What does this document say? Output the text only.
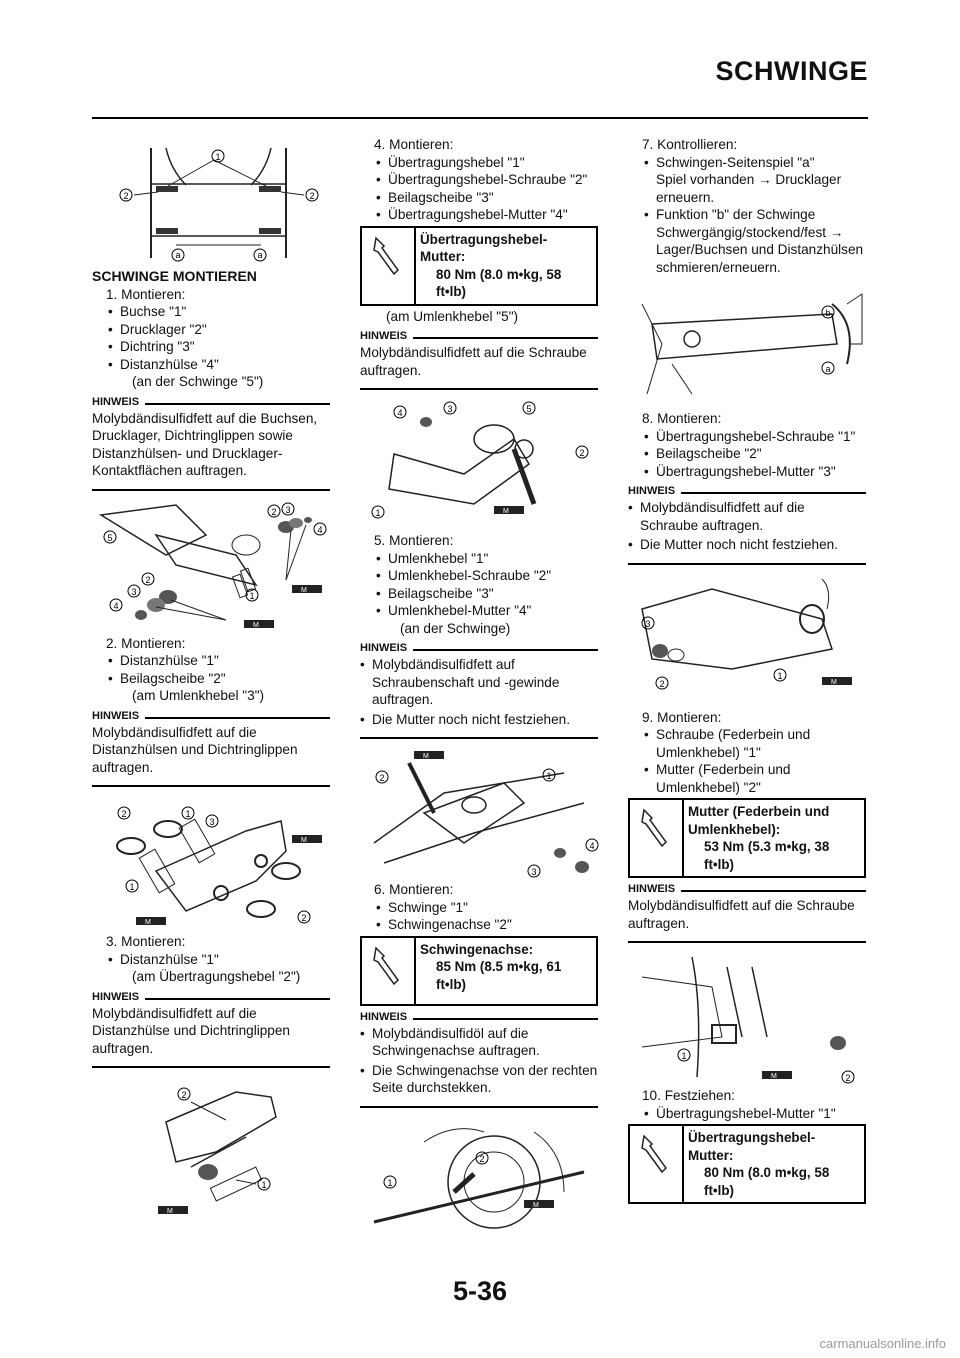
SCHWINGE
1
2	2
a	a

SCHWINGE MONTIEREN

1. Montieren:
• Buchse "1"
• Drucklager "2"
• Dichtring "3"
• Distanzhülse "4"
(an der Schwinge "5")
HINWEIS
Molybdändisulfidfett auf die Buchsen, Drucklager, Dichtringlippen sowie Distanzhülsen- und Drucklager-Kontaktflächen auftragen.
5
3
2
4
1
2 3
4
M
M
2. Montieren:
• Distanzhülse "1"
• Beilagscheibe "2"
(am Umlenkhebel "3")
HINWEIS
Molybdändisulfidfett auf die Distanzhülsen und Dichtringlippen auftragen.
2	1
3
1
2
M
M
3. Montieren:
• Distanzhülse "1"
(am Übertragungshebel "2")
HINWEIS
Molybdändisulfidfett auf die Distanzhülse und Dichtringlippen auftragen.
2
1
M
4. Montieren:
• Übertragungshebel "1"
• Übertragungshebel-Schraube "2"
• Beilagscheibe "3"
• Übertragungshebel-Mutter "4"
Übertragungshebel-Mutter:
80 Nm (8.0 m•kg, 58 ft•lb)
(am Umlenkhebel "5")
HINWEIS
Molybdändisulfidfett auf die Schraube auftragen.
4	3	5
2
1	M
5. Montieren:
• Umlenkhebel "1"
• Umlenkhebel-Schraube "2"
• Beilagscheibe "3"
• Umlenkhebel-Mutter "4"
(an der Schwinge)
HINWEIS
• Molybdändisulfidfett auf Schraubenschaft und -gewinde auftragen.
• Die Mutter noch nicht festziehen.
2	1
3
4
M
6. Montieren:
• Schwinge "1"
• Schwingenachse "2"
Schwingenachse:
85 Nm (8.5 m•kg, 61 ft•lb)
HINWEIS
• Molybdändisulfidöl auf die Schwingenachse auftragen.
• Die Schwingenachse von der rechten Seite durchstekken.
1
2
M
7. Kontrollieren:
• Schwingen-Seitenspiel "a"
Spiel vorhanden → Drucklager erneuern.
• Funktion "b" der Schwinge Schwergängig/stockend/fest → Lager/Buchsen und Distanzhülsen schmieren/erneuern.
b
a
8. Montieren:
• Übertragungshebel-Schraube "1"
• Beilagscheibe "2"
• Übertragungshebel-Mutter "3"
HINWEIS
• Molybdändisulfidfett auf die Schraube auftragen.
• Die Mutter noch nicht festziehen.
3
2
1
M
9. Montieren:
• Schraube (Federbein und Umlenkhebel) "1"
• Mutter (Federbein und Umlenkhebel) "2"
Mutter (Federbein und Umlenkhebel):
53 Nm (5.3 m•kg, 38 ft•lb)
HINWEIS
Molybdändisulfidfett auf die Schraube auftragen.
1
2
M
10. Festziehen:
• Übertragungshebel-Mutter "1"
Übertragungshebel-Mutter:
80 Nm (8.0 m•kg, 58 ft•lb)
5-36
carmanualsonline.info
